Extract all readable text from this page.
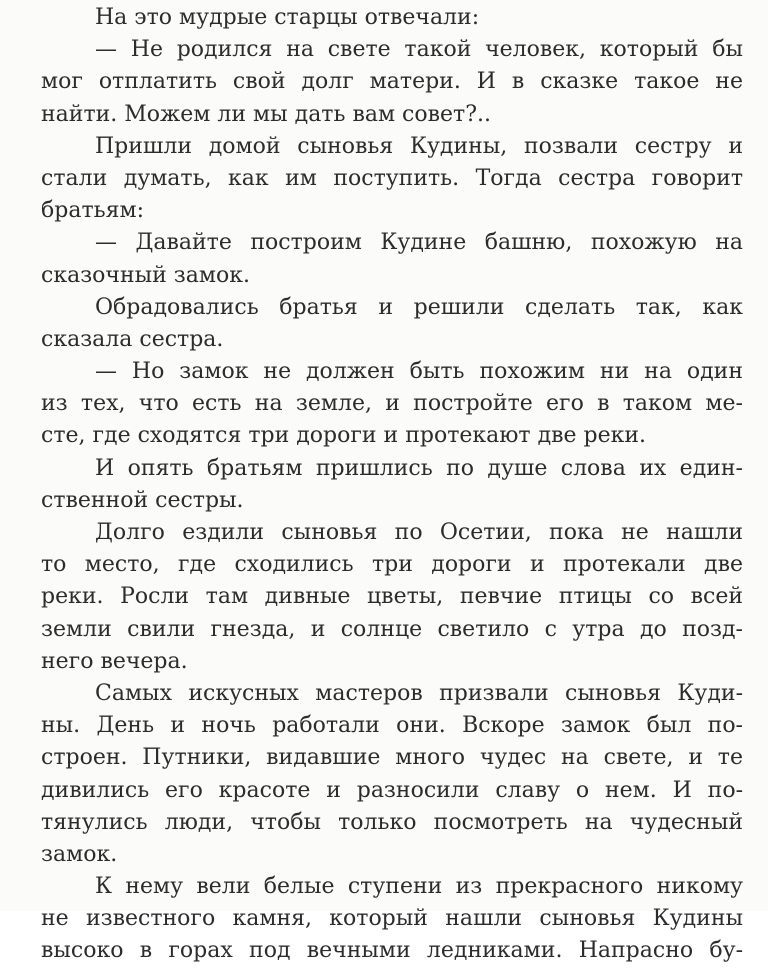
На это мудрые старцы отвечали:
— Не родился на свете такой человек, который бы
мог отплатить свой долг матери. И в сказке такое не
найти. Можем ли мы дать вам совет?..
Пришли домой сыновья Кудины, позвали сестру и
стали думать, как им поступить. Тогда сестра говорит
братьям:
— Давайте построим Кудине башню, похожую на
сказочный замок.
Обрадовались братья и решили сделать так, как
сказала сестра.
— Но замок не должен быть похожим ни на один
из тех, что есть на земле, и постройте его в таком ме-
сте, где сходятся три дороги и протекают две реки.
И опять братьям пришлись по душе слова их един-
ственной сестры.
Долго ездили сыновья по Осетии, пока не нашли
то место, где сходились три дороги и протекали две
реки. Росли там дивные цветы, певчие птицы со всей
земли свили гнезда, и солнце светило с утра до позд-
него вечера.
Самых искусных мастеров призвали сыновья Куди-
ны. День и ночь работали они. Вскоре замок был по-
строен. Путники, видавшие много чудес на свете, и те
дивились его красоте и разносили славу о нем. И по-
тянулись люди, чтобы только посмотреть на чудесный
замок.
К нему вели белые ступени из прекрасного никому
не известного камня, который нашли сыновья Кудины
высоко в горах под вечными ледниками. Напрасно бу-
